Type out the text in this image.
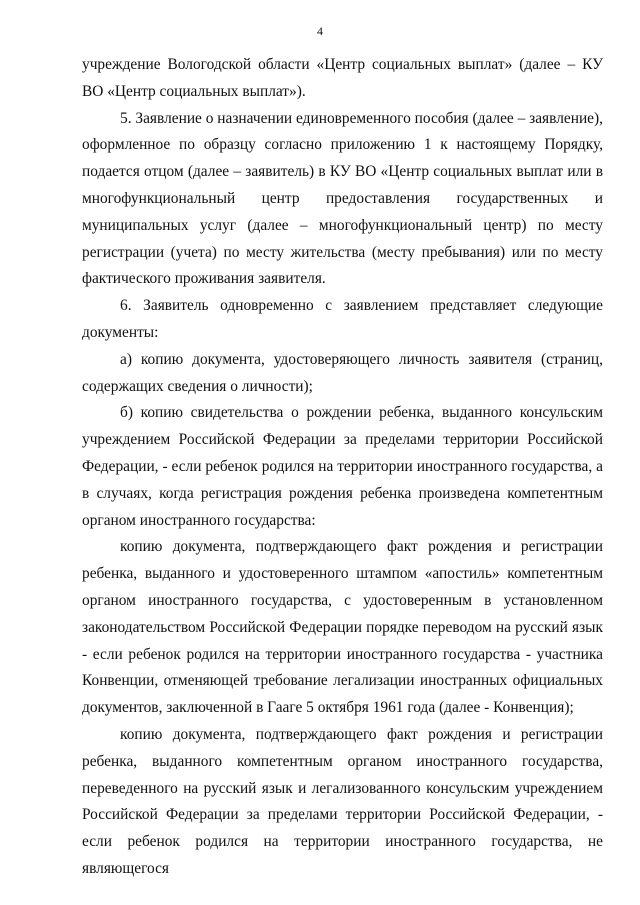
4

учреждение Вологодской области «Центр социальных выплат» (далее – КУ ВО «Центр социальных выплат»).

5. Заявление о назначении единовременного пособия (далее – заявление), оформленное по образцу согласно приложению 1 к настоящему Порядку, подается отцом (далее – заявитель) в КУ ВО «Центр социальных выплат или в многофункциональный центр предоставления государственных и муниципальных услуг (далее – многофункциональный центр) по месту регистрации (учета) по месту жительства (месту пребывания) или по месту фактического проживания заявителя.

6. Заявитель одновременно с заявлением представляет следующие документы:

а) копию документа, удостоверяющего личность заявителя (страниц, содержащих сведения о личности);

б) копию свидетельства о рождении ребенка, выданного консульским учреждением Российской Федерации за пределами территории Российской Федерации, - если ребенок родился на территории иностранного государства, а в случаях, когда регистрация рождения ребенка произведена компетентным органом иностранного государства:

копию документа, подтверждающего факт рождения и регистрации ребенка, выданного и удостоверенного штампом «апостиль» компетентным органом иностранного государства, с удостоверенным в установленном законодательством Российской Федерации порядке переводом на русский язык - если ребенок родился на территории иностранного государства - участника Конвенции, отменяющей требование легализации иностранных официальных документов, заключенной в Гааге 5 октября 1961 года (далее - Конвенция);

копию документа, подтверждающего факт рождения и регистрации ребенка, выданного компетентным органом иностранного государства, переведенного на русский язык и легализованного консульским учреждением Российской Федерации за пределами территории Российской Федерации, - если ребенок родился на территории иностранного государства, не являющегося
